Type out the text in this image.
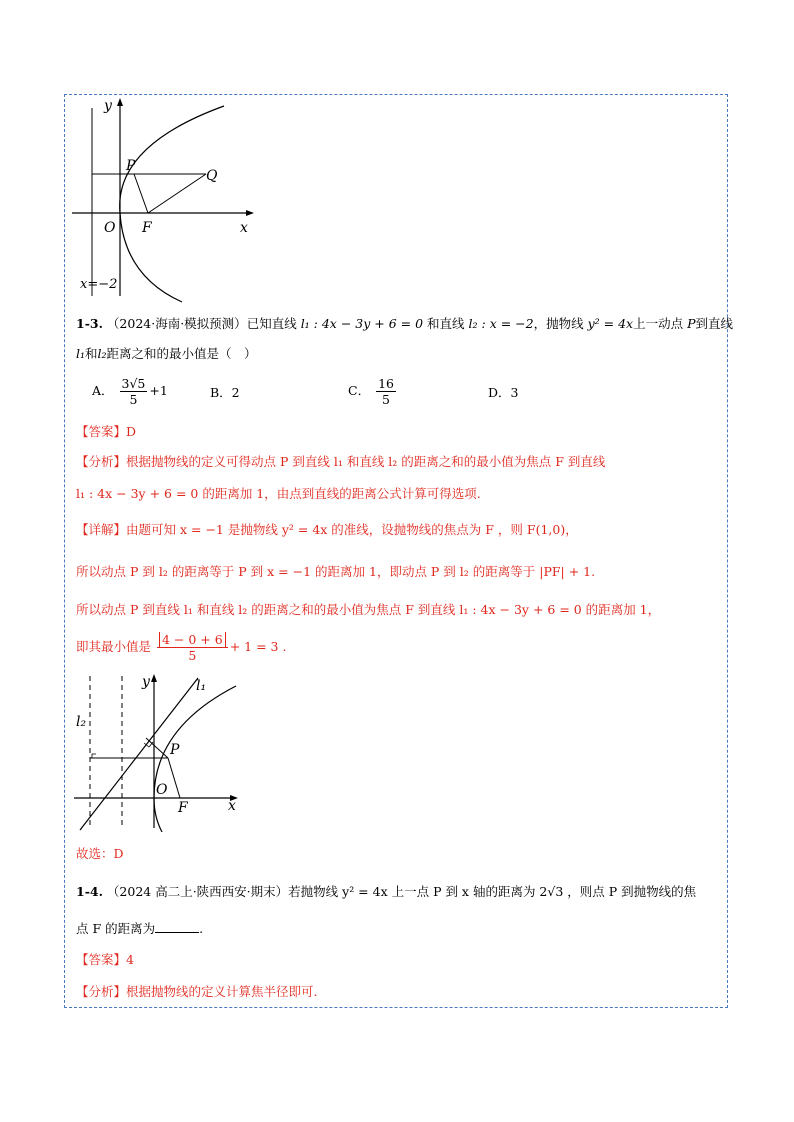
y
x
O F
P
Q
x=−2
1-3. （2024·海南·模拟预测）已知直线 l₁ : 4x − 3y + 6 = 0 和直线 l₂ : x = −2，抛物线 y² = 4x上一动点 P到直线
l₁和l₂距离之和的最小值是（　）
A． $\frac{3√5}{5} +1$	B．2	C． $\frac{16}{5}$	D．3
【答案】D
【分析】根据抛物线的定义可得动点 P 到直线 l₁ 和直线 l₂ 的距离之和的最小值为焦点 F 到直线
l₁ : 4x − 3y + 6 = 0 的距离加 1，由点到直线的距离公式计算可得选项.
【详解】由题可知 x = −1 是抛物线 y² = 4x 的准线，设抛物线的焦点为 F ，则 F(1,0)，
所以动点 P 到 l₂ 的距离等于 P 到 x = −1 的距离加 1，即动点 P 到 l₂ 的距离等于 |PF| + 1.
所以动点 P 到直线 l₁ 和直线 l₂ 的距离之和的最小值为焦点 F 到直线 l₁ : 4x − 3y + 6 = 0 的距离加 1，
即其最小值是 $\frac{4 - 0 + 6}{5} + 1 = 3$ .
y
x
O
F
P
l₁
l₂
故选：D
1-4. （2024 高二上·陕西西安·期末）若抛物线 y² = 4x 上一点 P 到 x 轴的距离为 2√3 ，则点 P 到抛物线的焦
点 F 的距离为	.
【答案】4
【分析】根据抛物线的定义计算焦半径即可.
